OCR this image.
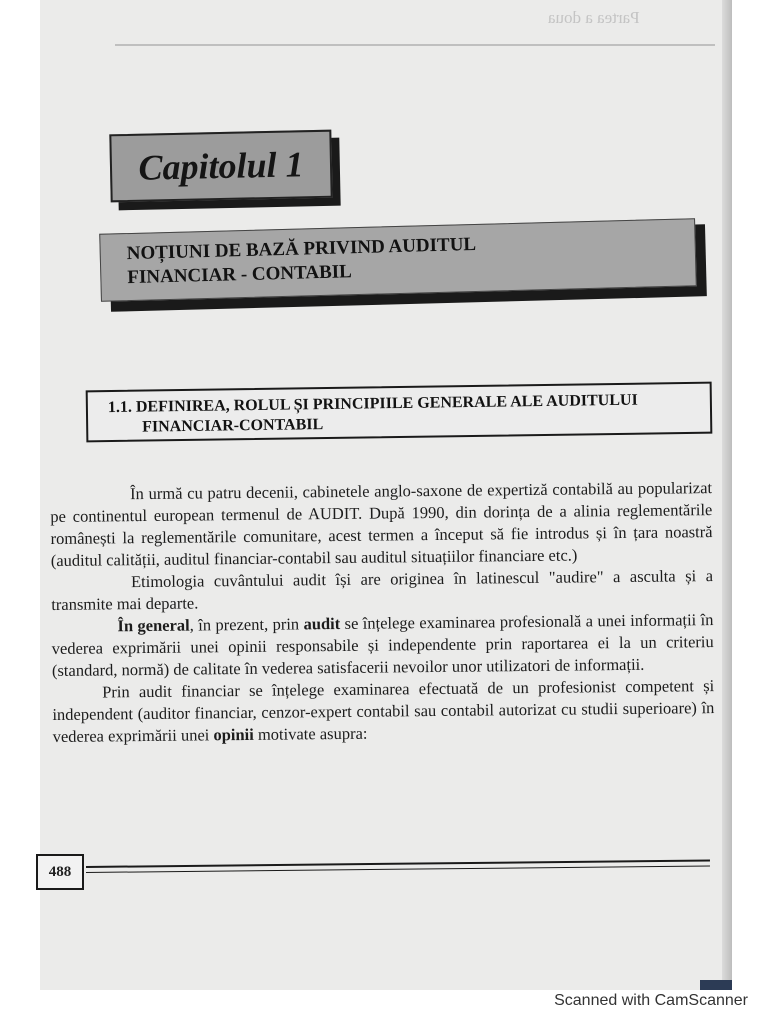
Partea a doua
Capitolul 1
NOȚIUNI DE BAZĂ PRIVIND AUDITUL
FINANCIAR - CONTABIL
1.1. DEFINIREA, ROLUL ȘI PRINCIPIILE GENERALE ALE AUDITULUI
FINANCIAR-CONTABIL

În urmă cu patru decenii, cabinetele anglo-saxone de expertiză contabilă au popularizat pe continentul european termenul de AUDIT. După 1990, din dorința de a alinia reglementările românești la reglementările comunitare, acest termen a început să fie introdus și în țara noastră (auditul calității, auditul financiar-contabil sau auditul situațiilor financiare etc.)

Etimologia cuvântului audit își are originea în latinescul "audire" a asculta și a transmite mai departe.

În general, în prezent, prin audit se înțelege examinarea profesională a unei informații în vederea exprimării unei opinii responsabile și independente prin raportarea ei la un criteriu (standard, normă) de calitate în vederea satisfacerii nevoilor unor utilizatori de informații.

Prin audit financiar se înțelege examinarea efectuată de un profesionist competent și independent (auditor financiar, cenzor-expert contabil sau contabil autorizat cu studii superioare) în vederea exprimării unei opinii motivate asupra:

488
Scanned with CamScanner
